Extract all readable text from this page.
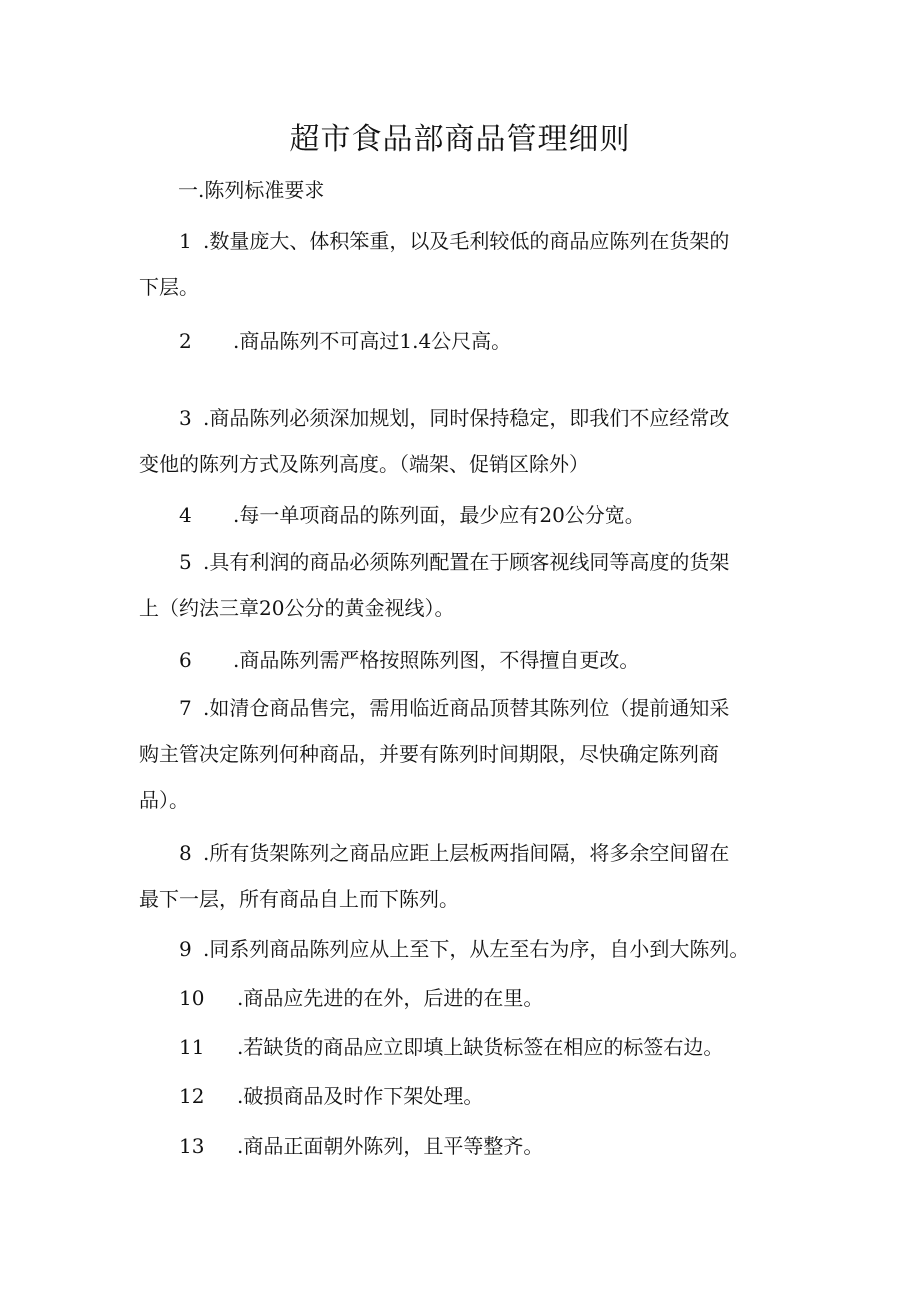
超市食品部商品管理细则
一.陈列标准要求
1 .数量庞大、体积笨重，以及毛利较低的商品应陈列在货架的
下层。
2 .商品陈列不可高过1.4公尺高。
3 .商品陈列必须深加规划，同时保持稳定，即我们不应经常改
变他的陈列方式及陈列高度。（端架、促销区除外）
4 .每一单项商品的陈列面，最少应有20公分宽。
5 .具有利润的商品必须陈列配置在于顾客视线同等高度的货架
上（约法三章20公分的黄金视线）。
6 .商品陈列需严格按照陈列图，不得擅自更改。
7 .如清仓商品售完，需用临近商品顶替其陈列位（提前通知采
购主管决定陈列何种商品，并要有陈列时间期限，尽快确定陈列商
品）。
8 .所有货架陈列之商品应距上层板两指间隔，将多余空间留在
最下一层，所有商品自上而下陈列。
9 .同系列商品陈列应从上至下，从左至右为序，自小到大陈列。
10 .商品应先进的在外，后进的在里。
11 .若缺货的商品应立即填上缺货标签在相应的标签右边。
12 .破损商品及时作下架处理。
13 .商品正面朝外陈列，且平等整齐。
